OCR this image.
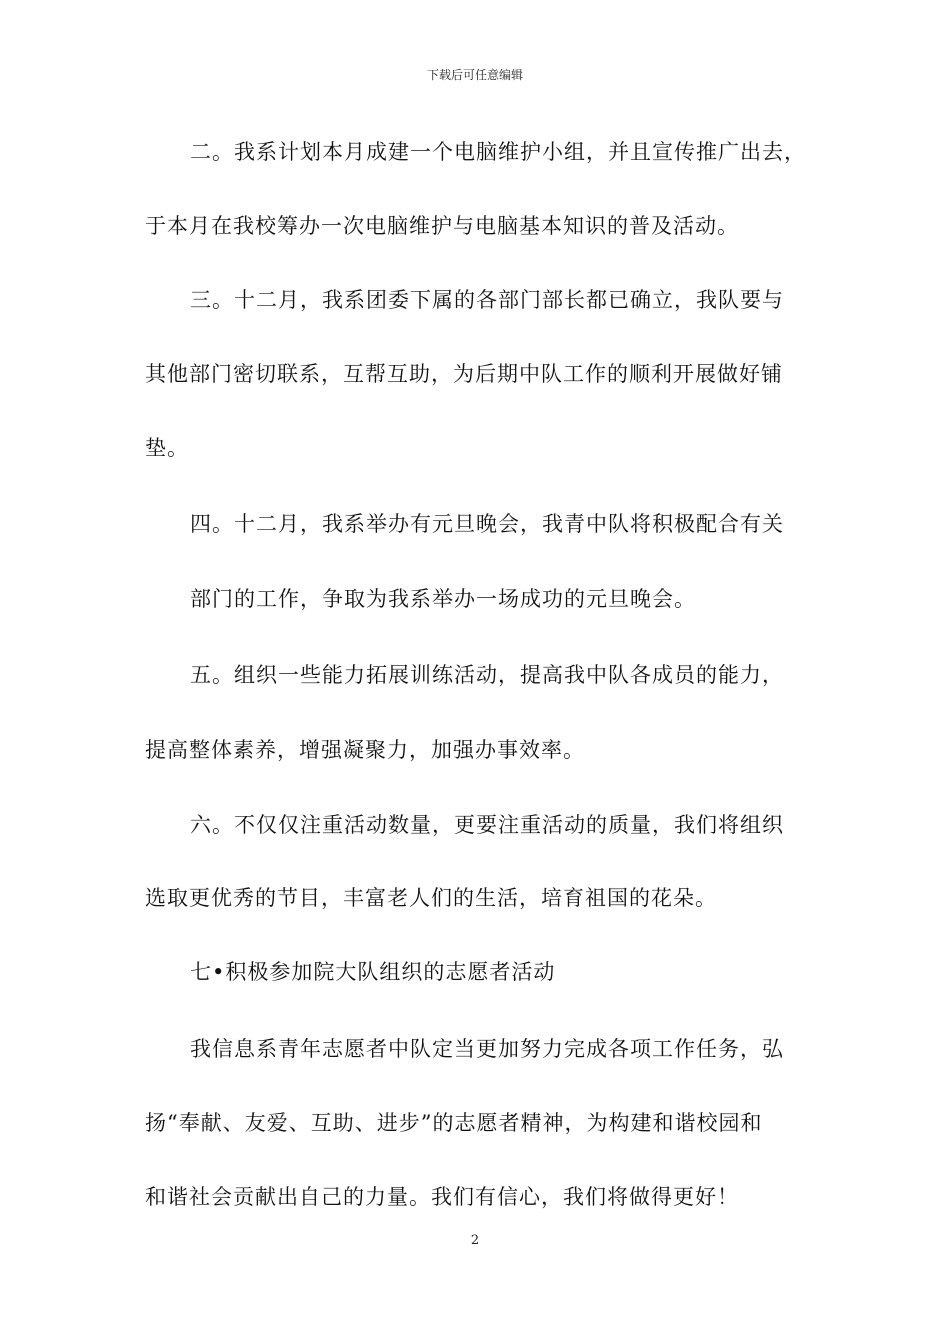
下载后可任意编辑
二。我系计划本月成建一个电脑维护小组，并且宣传推广出去，
于本月在我校筹办一次电脑维护与电脑基本知识的普及活动。
三。十二月，我系团委下属的各部门部长都已确立，我队要与
其他部门密切联系，互帮互助，为后期中队工作的顺利开展做好铺
垫。
四。十二月，我系举办有元旦晚会，我青中队将积极配合有关
部门的工作，争取为我系举办一场成功的元旦晚会。
五。组织一些能力拓展训练活动，提高我中队各成员的能力，
提高整体素养，增强凝聚力，加强办事效率。
六。不仅仅注重活动数量，更要注重活动的质量，我们将组织
选取更优秀的节目，丰富老人们的生活，培育祖国的花朵。
七•积极参加院大队组织的志愿者活动
我信息系青年志愿者中队定当更加努力完成各项工作任务，弘
扬“奉献、友爱、互助、进步”的志愿者精神，为构建和谐校园和
和谐社会贡献出自己的力量。我们有信心，我们将做得更好！
2
